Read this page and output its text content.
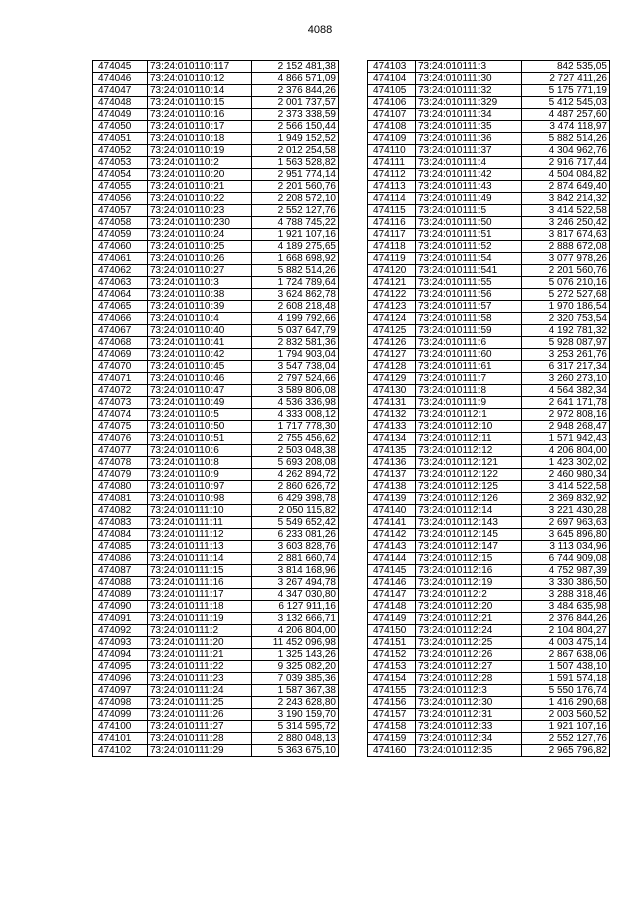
4088
474045	73:24:010110:117	2 152 481,38
474046	73:24:010110:12	4 866 571,09
474047	73:24:010110:14	2 376 844,26
474048	73:24:010110:15	2 001 737,57
474049	73:24:010110:16	2 373 338,59
474050	73:24:010110:17	2 566 150,44
474051	73:24:010110:18	1 949 152,52
474052	73:24:010110:19	2 012 254,58
474053	73:24:010110:2	1 563 528,82
474054	73:24:010110:20	2 951 774,14
474055	73:24:010110:21	2 201 560,76
474056	73:24:010110:22	2 208 572,10
474057	73:24:010110:23	2 552 127,76
474058	73:24:010110:230	4 788 745,22
474059	73:24:010110:24	1 921 107,16
474060	73:24:010110:25	4 189 275,65
474061	73:24:010110:26	1 668 698,92
474062	73:24:010110:27	5 882 514,26
474063	73:24:010110:3	1 724 789,64
474064	73:24:010110:38	3 624 862,78
474065	73:24:010110:39	2 608 218,48
474066	73:24:010110:4	4 199 792,66
474067	73:24:010110:40	5 037 647,79
474068	73:24:010110:41	2 832 581,36
474069	73:24:010110:42	1 794 903,04
474070	73:24:010110:45	3 547 738,04
474071	73:24:010110:46	2 797 524,66
474072	73:24:010110:47	3 589 806,08
474073	73:24:010110:49	4 536 336,98
474074	73:24:010110:5	4 333 008,12
474075	73:24:010110:50	1 717 778,30
474076	73:24:010110:51	2 755 456,62
474077	73:24:010110:6	2 503 048,38
474078	73:24:010110:8	5 693 208,08
474079	73:24:010110:9	4 262 894,72
474080	73:24:010110:97	2 860 626,72
474081	73:24:010110:98	6 429 398,78
474082	73:24:010111:10	2 050 115,82
474083	73:24:010111:11	5 549 652,42
474084	73:24:010111:12	6 233 081,26
474085	73:24:010111:13	3 603 828,76
474086	73:24:010111:14	2 881 660,74
474087	73:24:010111:15	3 814 168,96
474088	73:24:010111:16	3 267 494,78
474089	73:24:010111:17	4 347 030,80
474090	73:24:010111:18	6 127 911,16
474091	73:24:010111:19	3 132 666,71
474092	73:24:010111:2	4 206 804,00
474093	73:24:010111:20	11 452 096,98
474094	73:24:010111:21	1 325 143,26
474095	73:24:010111:22	9 325 082,20
474096	73:24:010111:23	7 039 385,36
474097	73:24:010111:24	1 587 367,38
474098	73:24:010111:25	2 243 628,80
474099	73:24:010111:26	3 190 159,70
474100	73:24:010111:27	5 314 595,72
474101	73:24:010111:28	2 880 048,13
474102	73:24:010111:29	5 363 675,10
474103	73:24:010111:3	842 535,05
474104	73:24:010111:30	2 727 411,26
474105	73:24:010111:32	5 175 771,19
474106	73:24:010111:329	5 412 545,03
474107	73:24:010111:34	4 487 257,60
474108	73:24:010111:35	3 474 118,97
474109	73:24:010111:36	5 882 514,26
474110	73:24:010111:37	4 304 962,76
474111	73:24:010111:4	2 916 717,44
474112	73:24:010111:42	4 504 084,82
474113	73:24:010111:43	2 874 649,40
474114	73:24:010111:49	3 842 214,32
474115	73:24:010111:5	3 414 522,58
474116	73:24:010111:50	3 246 250,42
474117	73:24:010111:51	3 817 674,63
474118	73:24:010111:52	2 888 672,08
474119	73:24:010111:54	3 077 978,26
474120	73:24:010111:541	2 201 560,76
474121	73:24:010111:55	5 076 210,16
474122	73:24:010111:56	5 272 527,68
474123	73:24:010111:57	1 970 186,54
474124	73:24:010111:58	2 320 753,54
474125	73:24:010111:59	4 192 781,32
474126	73:24:010111:6	5 928 087,97
474127	73:24:010111:60	3 253 261,76
474128	73:24:010111:61	6 317 217,34
474129	73:24:010111:7	3 260 273,10
474130	73:24:010111:8	4 564 382,34
474131	73:24:010111:9	2 641 171,78
474132	73:24:010112:1	2 972 808,16
474133	73:24:010112:10	2 948 268,47
474134	73:24:010112:11	1 571 942,43
474135	73:24:010112:12	4 206 804,00
474136	73:24:010112:121	1 423 302,02
474137	73:24:010112:122	2 460 980,34
474138	73:24:010112:125	3 414 522,58
474139	73:24:010112:126	2 369 832,92
474140	73:24:010112:14	3 221 430,28
474141	73:24:010112:143	2 697 963,63
474142	73:24:010112:145	3 645 896,80
474143	73:24:010112:147	3 113 034,96
474144	73:24:010112:15	6 744 909,08
474145	73:24:010112:16	4 752 987,39
474146	73:24:010112:19	3 330 386,50
474147	73:24:010112:2	3 288 318,46
474148	73:24:010112:20	3 484 635,98
474149	73:24:010112:21	2 376 844,26
474150	73:24:010112:24	2 104 804,27
474151	73:24:010112:25	4 003 475,14
474152	73:24:010112:26	2 867 638,06
474153	73:24:010112:27	1 507 438,10
474154	73:24:010112:28	1 591 574,18
474155	73:24:010112:3	5 550 176,74
474156	73:24:010112:30	1 416 290,68
474157	73:24:010112:31	2 003 560,52
474158	73:24:010112:33	1 921 107,16
474159	73:24:010112:34	2 552 127,76
474160	73:24:010112:35	2 965 796,82
